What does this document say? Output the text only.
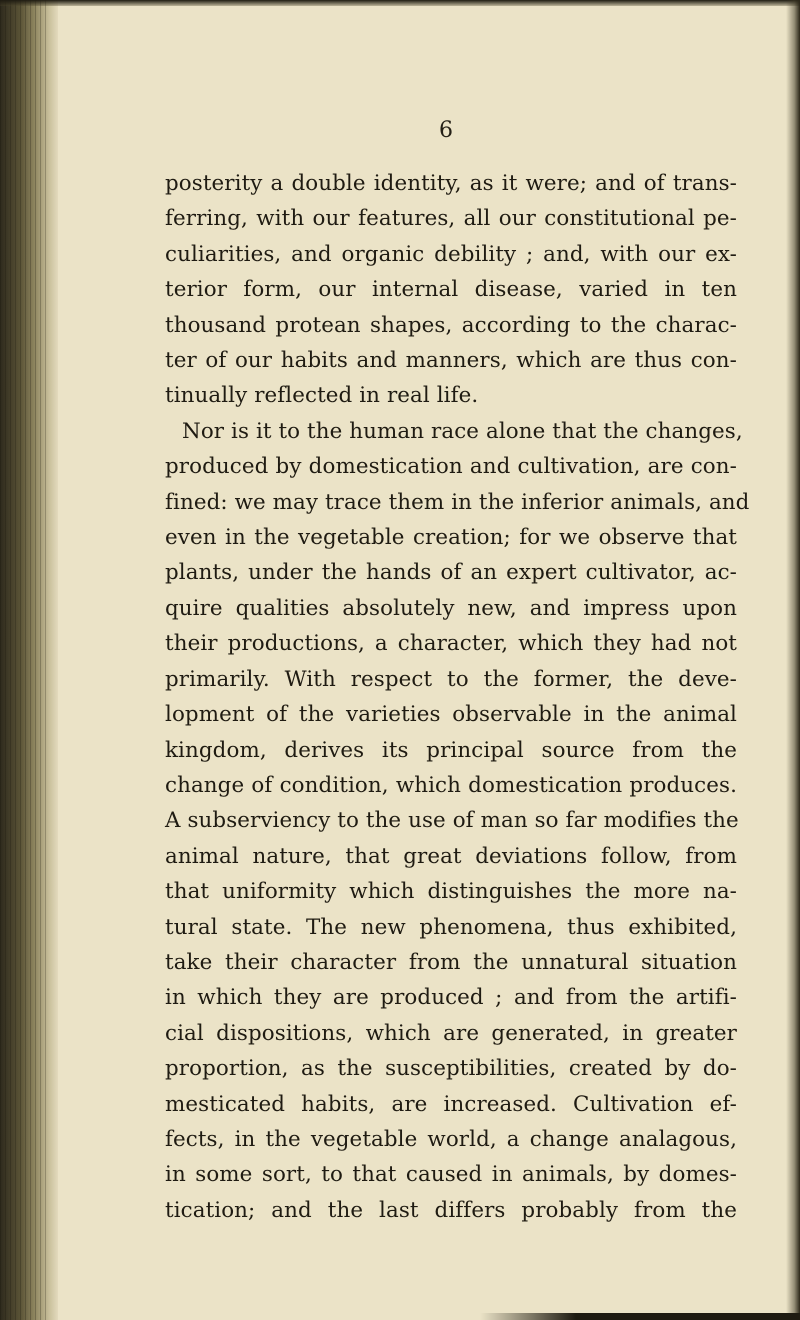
6
posterity a double identity, as it were; and of trans-
ferring, with our features, all our constitutional pe-
culiarities, and organic debility ; and, with our ex-
terior form, our internal disease, varied in ten
thousand protean shapes, according to the charac-
ter of our habits and manners, which are thus con-
tinually reflected in real life.
Nor is it to the human race alone that the changes,
produced by domestication and cultivation, are con-
fined: we may trace them in the inferior animals, and
even in the vegetable creation; for we observe that
plants, under the hands of an expert cultivator, ac-
quire qualities absolutely new, and impress upon
their productions, a character, which they had not
primarily. With respect to the former, the deve-
lopment of the varieties observable in the animal
kingdom, derives its principal source from the
change of condition, which domestication produces.
A subserviency to the use of man so far modifies the
animal nature, that great deviations follow, from
that uniformity which distinguishes the more na-
tural state. The new phenomena, thus exhibited,
take their character from the unnatural situation
in which they are produced ; and from the artifi-
cial dispositions, which are generated, in greater
proportion, as the susceptibilities, created by do-
mesticated habits, are increased. Cultivation ef-
fects, in the vegetable world, a change analagous,
in some sort, to that caused in animals, by domes-
tication; and the last differs probably from the
